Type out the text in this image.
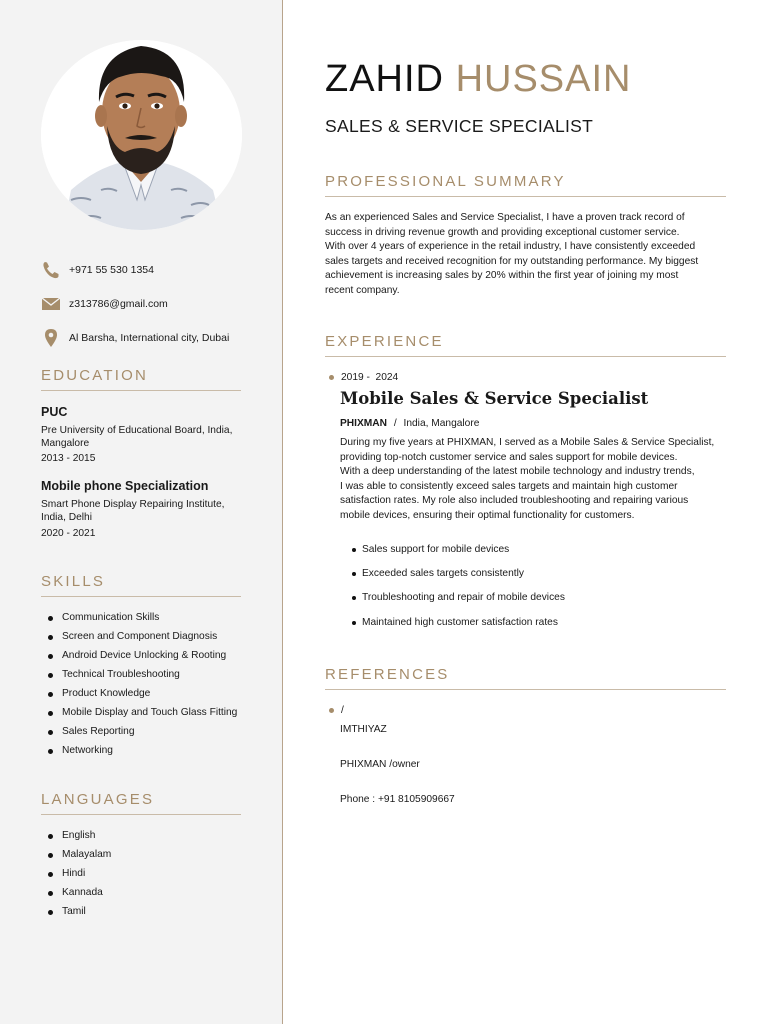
+971 55 530 1354
z313786@gmail.com
Al Barsha, International city, Dubai
EDUCATION
PUC
Pre University of Educational Board, India, Mangalore
2013 - 2015
Mobile phone Specialization
Smart Phone Display Repairing Institute, India, Delhi
2020 - 2021
SKILLS
Communication Skills
Screen and Component Diagnosis
Android Device Unlocking & Rooting
Technical Troubleshooting
Product Knowledge
Mobile Display and Touch Glass Fitting
Sales Reporting
Networking
LANGUAGES
English
Malayalam
Hindi
Kannada
Tamil
ZAHID HUSSAIN
SALES & SERVICE SPECIALIST
PROFESSIONAL SUMMARY
As an experienced Sales and Service Specialist, I have a proven track record of
success in driving revenue growth and providing exceptional customer service.
With over 4 years of experience in the retail industry, I have consistently exceeded
sales targets and received recognition for my outstanding performance. My biggest
achievement is increasing sales by 20% within the first year of joining my most
recent company.
EXPERIENCE
2019 -  2024
Mobile Sales & Service Specialist
PHIXMAN / India, Mangalore
During my five years at PHIXMAN, I served as a Mobile Sales & Service Specialist,
providing top-notch customer service and sales support for mobile devices.
With a deep understanding of the latest mobile technology and industry trends,
I was able to consistently exceed sales targets and maintain high customer
satisfaction rates. My role also included troubleshooting and repairing various
mobile devices, ensuring their optimal functionality for customers.
Sales support for mobile devices
Exceeded sales targets consistently
Troubleshooting and repair of mobile devices
Maintained high customer satisfaction rates
REFERENCES
/
IMTHIYAZ
PHIXMAN /owner
Phone : +91 8105909667
